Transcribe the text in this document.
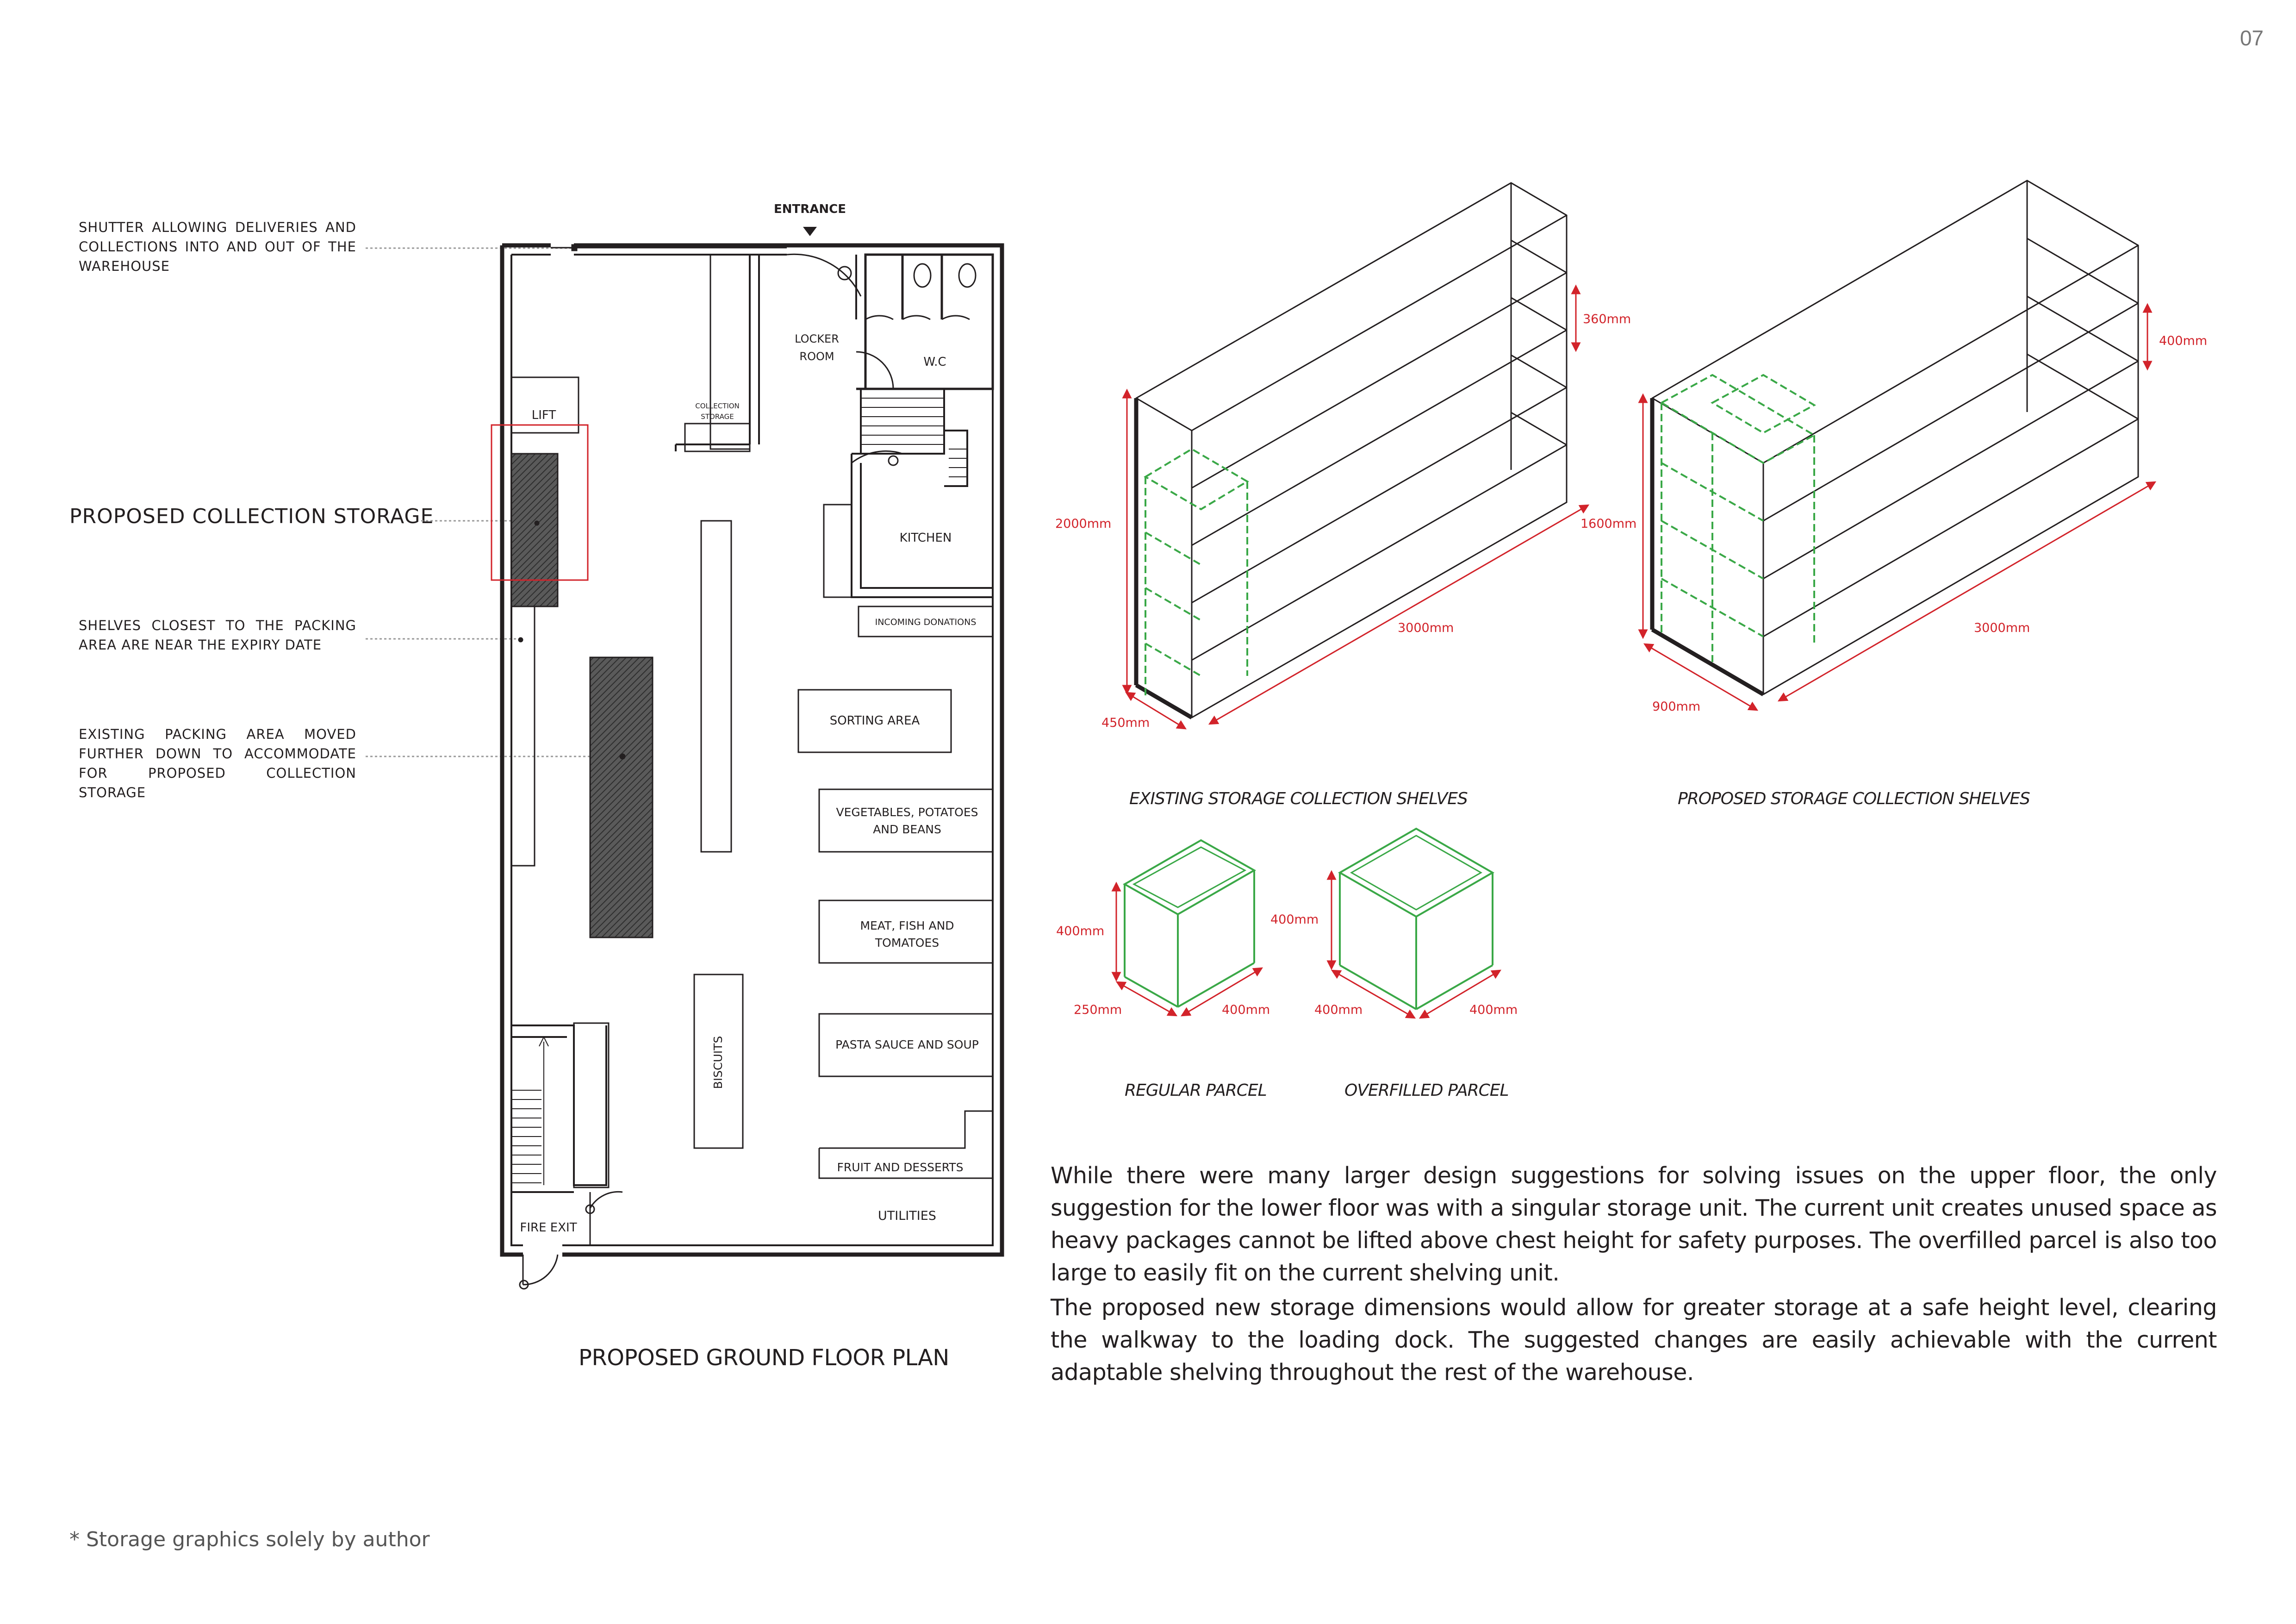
07
SHUTTER ALLOWING DELIVERIES AND
COLLECTIONS INTO AND OUT OF THE
WAREHOUSE
PROPOSED COLLECTION STORAGE
SHELVES CLOSEST TO THE PACKING
AREA ARE NEAR THE EXPIRY DATE
EXISTING PACKING AREA MOVED
FURTHER DOWN TO ACCOMMODATE
FOR PROPOSED COLLECTION STORAGE
ENTRANCE
LOCKER
ROOM	W.C
LIFT
COLLECTION
STORAGE
KITCHEN
INCOMING DONATIONS
SORTING AREA
VEGETABLES, POTATOES
AND BEANS
MEAT, FISH AND
TOMATOES
PASTA SAUCE AND SOUP
BISCUITS
FRUIT AND DESSERTS
UTILITIES
FIRE EXIT
360mm
2000mm
3000mm
450mm
400mm
1600mm
3000mm
900mm
400mm
250mm	400mm
400mm
400mm	400mm
EXISTING STORAGE COLLECTION SHELVES	PROPOSED STORAGE COLLECTION SHELVES
REGULAR PARCEL	OVERFILLED PARCEL
PROPOSED GROUND FLOOR PLAN
While there were many larger design suggestions for solving issues on the upper floor, the only suggestion for the lower floor was with a singular storage unit. The current unit creates unused space as heavy packages cannot be lifted above chest height for safety purposes. The overfilled parcel is also too large to easily fit on the current shelving unit.
The proposed new storage dimensions would allow for greater storage at a safe height level, clearing the walkway to the loading dock. The suggested changes are easily achievable with the current adaptable shelving throughout the rest of the warehouse.
* Storage graphics solely by author
